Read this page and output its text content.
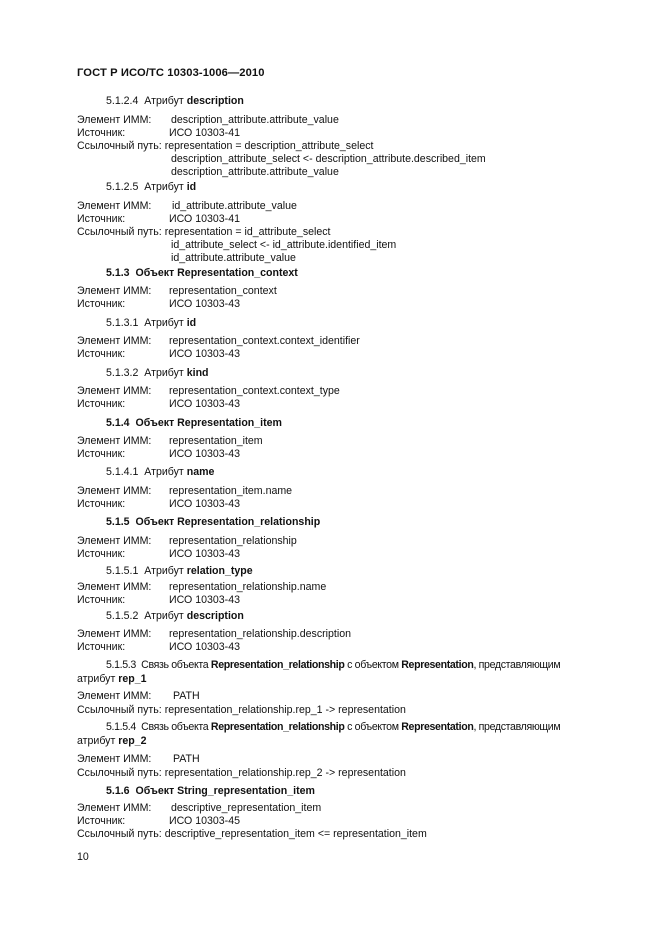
ГОСТ Р ИСО/ТС 10303-1006—2010
5.1.2.4 Атрибут description
Элемент ИММ: description_attribute.attribute_value
Источник:	ИСО 10303-41
Ссылочный путь: representation = description_attribute_select
description_attribute_select <- description_attribute.described_item
description_attribute.attribute_value
5.1.2.5 Атрибут id
Элемент ИММ: id_attribute.attribute_value
Источник:	ИСО 10303-41
Ссылочный путь: representation = id_attribute_select
id_attribute_select <- id_attribute.identified_item
id_attribute.attribute_value
5.1.3 Объект Representation_context
Элемент ИММ: representation_context
Источник:	ИСО 10303-43
5.1.3.1 Атрибут id
Элемент ИММ: representation_context.context_identifier
Источник:	ИСО 10303-43
5.1.3.2 Атрибут kind
Элемент ИММ: representation_context.context_type
Источник:	ИСО 10303-43
5.1.4 Объект Representation_item
Элемент ИММ: representation_item
Источник:	ИСО 10303-43
5.1.4.1 Атрибут name
Элемент ИММ: representation_item.name
Источник:	ИСО 10303-43
5.1.5 Объект Representation_relationship
Элемент ИММ: representation_relationship
Источник:	ИСО 10303-43
5.1.5.1 Атрибут relation_type
Элемент ИММ: representation_relationship.name
Источник:	ИСО 10303-43
5.1.5.2 Атрибут description
Элемент ИММ: representation_relationship.description
Источник:	ИСО 10303-43
5.1.5.3 Связь объекта Representation_relationship с объектом Representation, представляющим
атрибут rep_1
Элемент ИММ: PATH
Ссылочный путь: representation_relationship.rep_1 -> representation
5.1.5.4 Связь объекта Representation_relationship с объектом Representation, представляющим
атрибут rep_2
Элемент ИММ: PATH
Ссылочный путь: representation_relationship.rep_2 -> representation
5.1.6 Объект String_representation_item
Элемент ИММ: descriptive_representation_item
Источник:	ИСО 10303-45
Ссылочный путь: descriptive_representation_item <= representation_item
10
